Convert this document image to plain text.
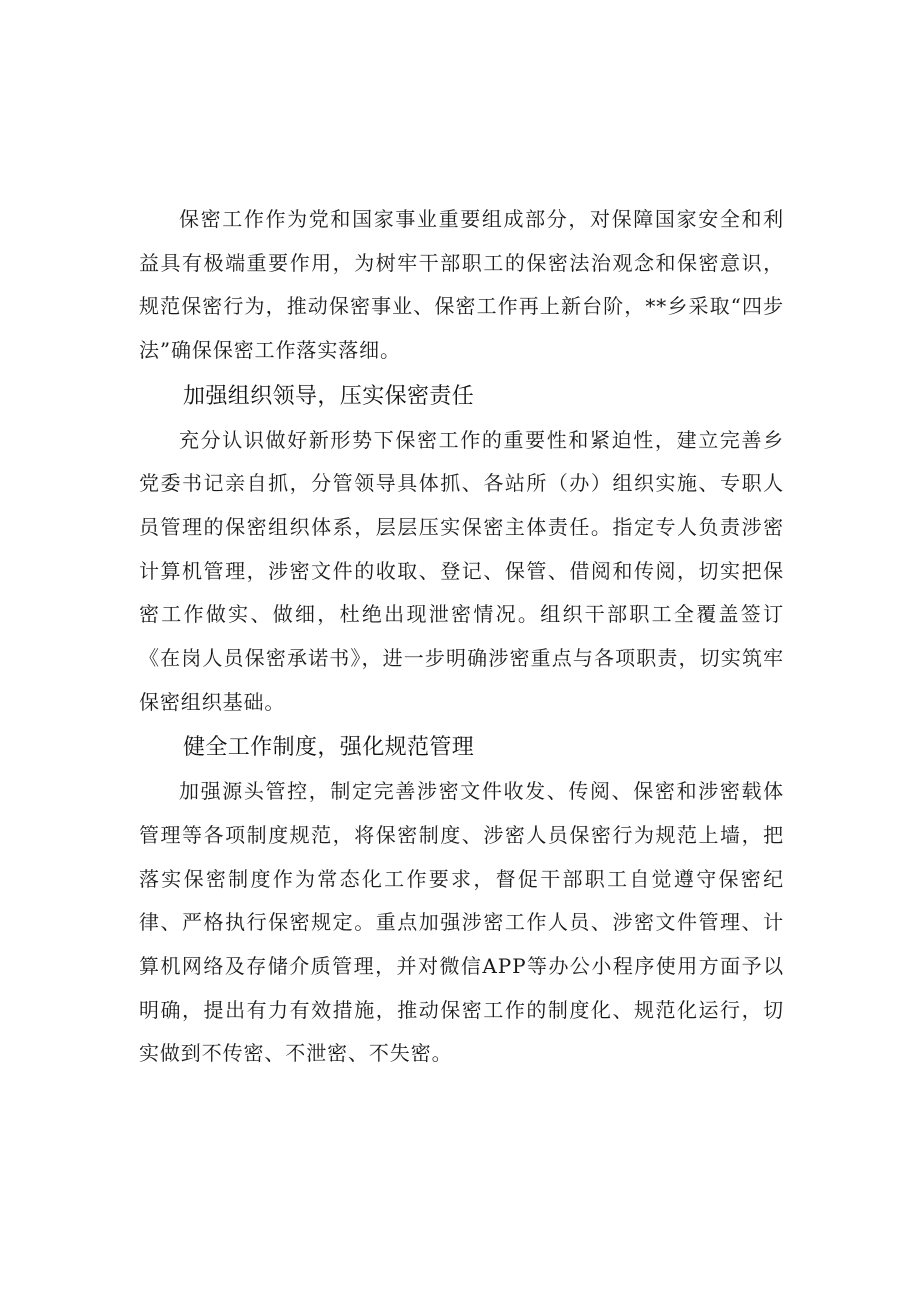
保密工作作为党和国家事业重要组成部分，对保障国家安全和利益具有极端重要作用，为树牢干部职工的保密法治观念和保密意识，规范保密行为，推动保密事业、保密工作再上新台阶，**乡采取“四步法”确保保密工作落实落细。

加强组织领导，压实保密责任

充分认识做好新形势下保密工作的重要性和紧迫性，建立完善乡党委书记亲自抓，分管领导具体抓、各站所（办）组织实施、专职人员管理的保密组织体系，层层压实保密主体责任。指定专人负责涉密计算机管理，涉密文件的收取、登记、保管、借阅和传阅，切实把保密工作做实、做细，杜绝出现泄密情况。组织干部职工全覆盖签订《在岗人员保密承诺书》，进一步明确涉密重点与各项职责，切实筑牢保密组织基础。

健全工作制度，强化规范管理

加强源头管控，制定完善涉密文件收发、传阅、保密和涉密载体管理等各项制度规范，将保密制度、涉密人员保密行为规范上墙，把落实保密制度作为常态化工作要求，督促干部职工自觉遵守保密纪律、严格执行保密规定。重点加强涉密工作人员、涉密文件管理、计算机网络及存储介质管理，并对微信APP等办公小程序使用方面予以明确，提出有力有效措施，推动保密工作的制度化、规范化运行，切实做到不传密、不泄密、不失密。
